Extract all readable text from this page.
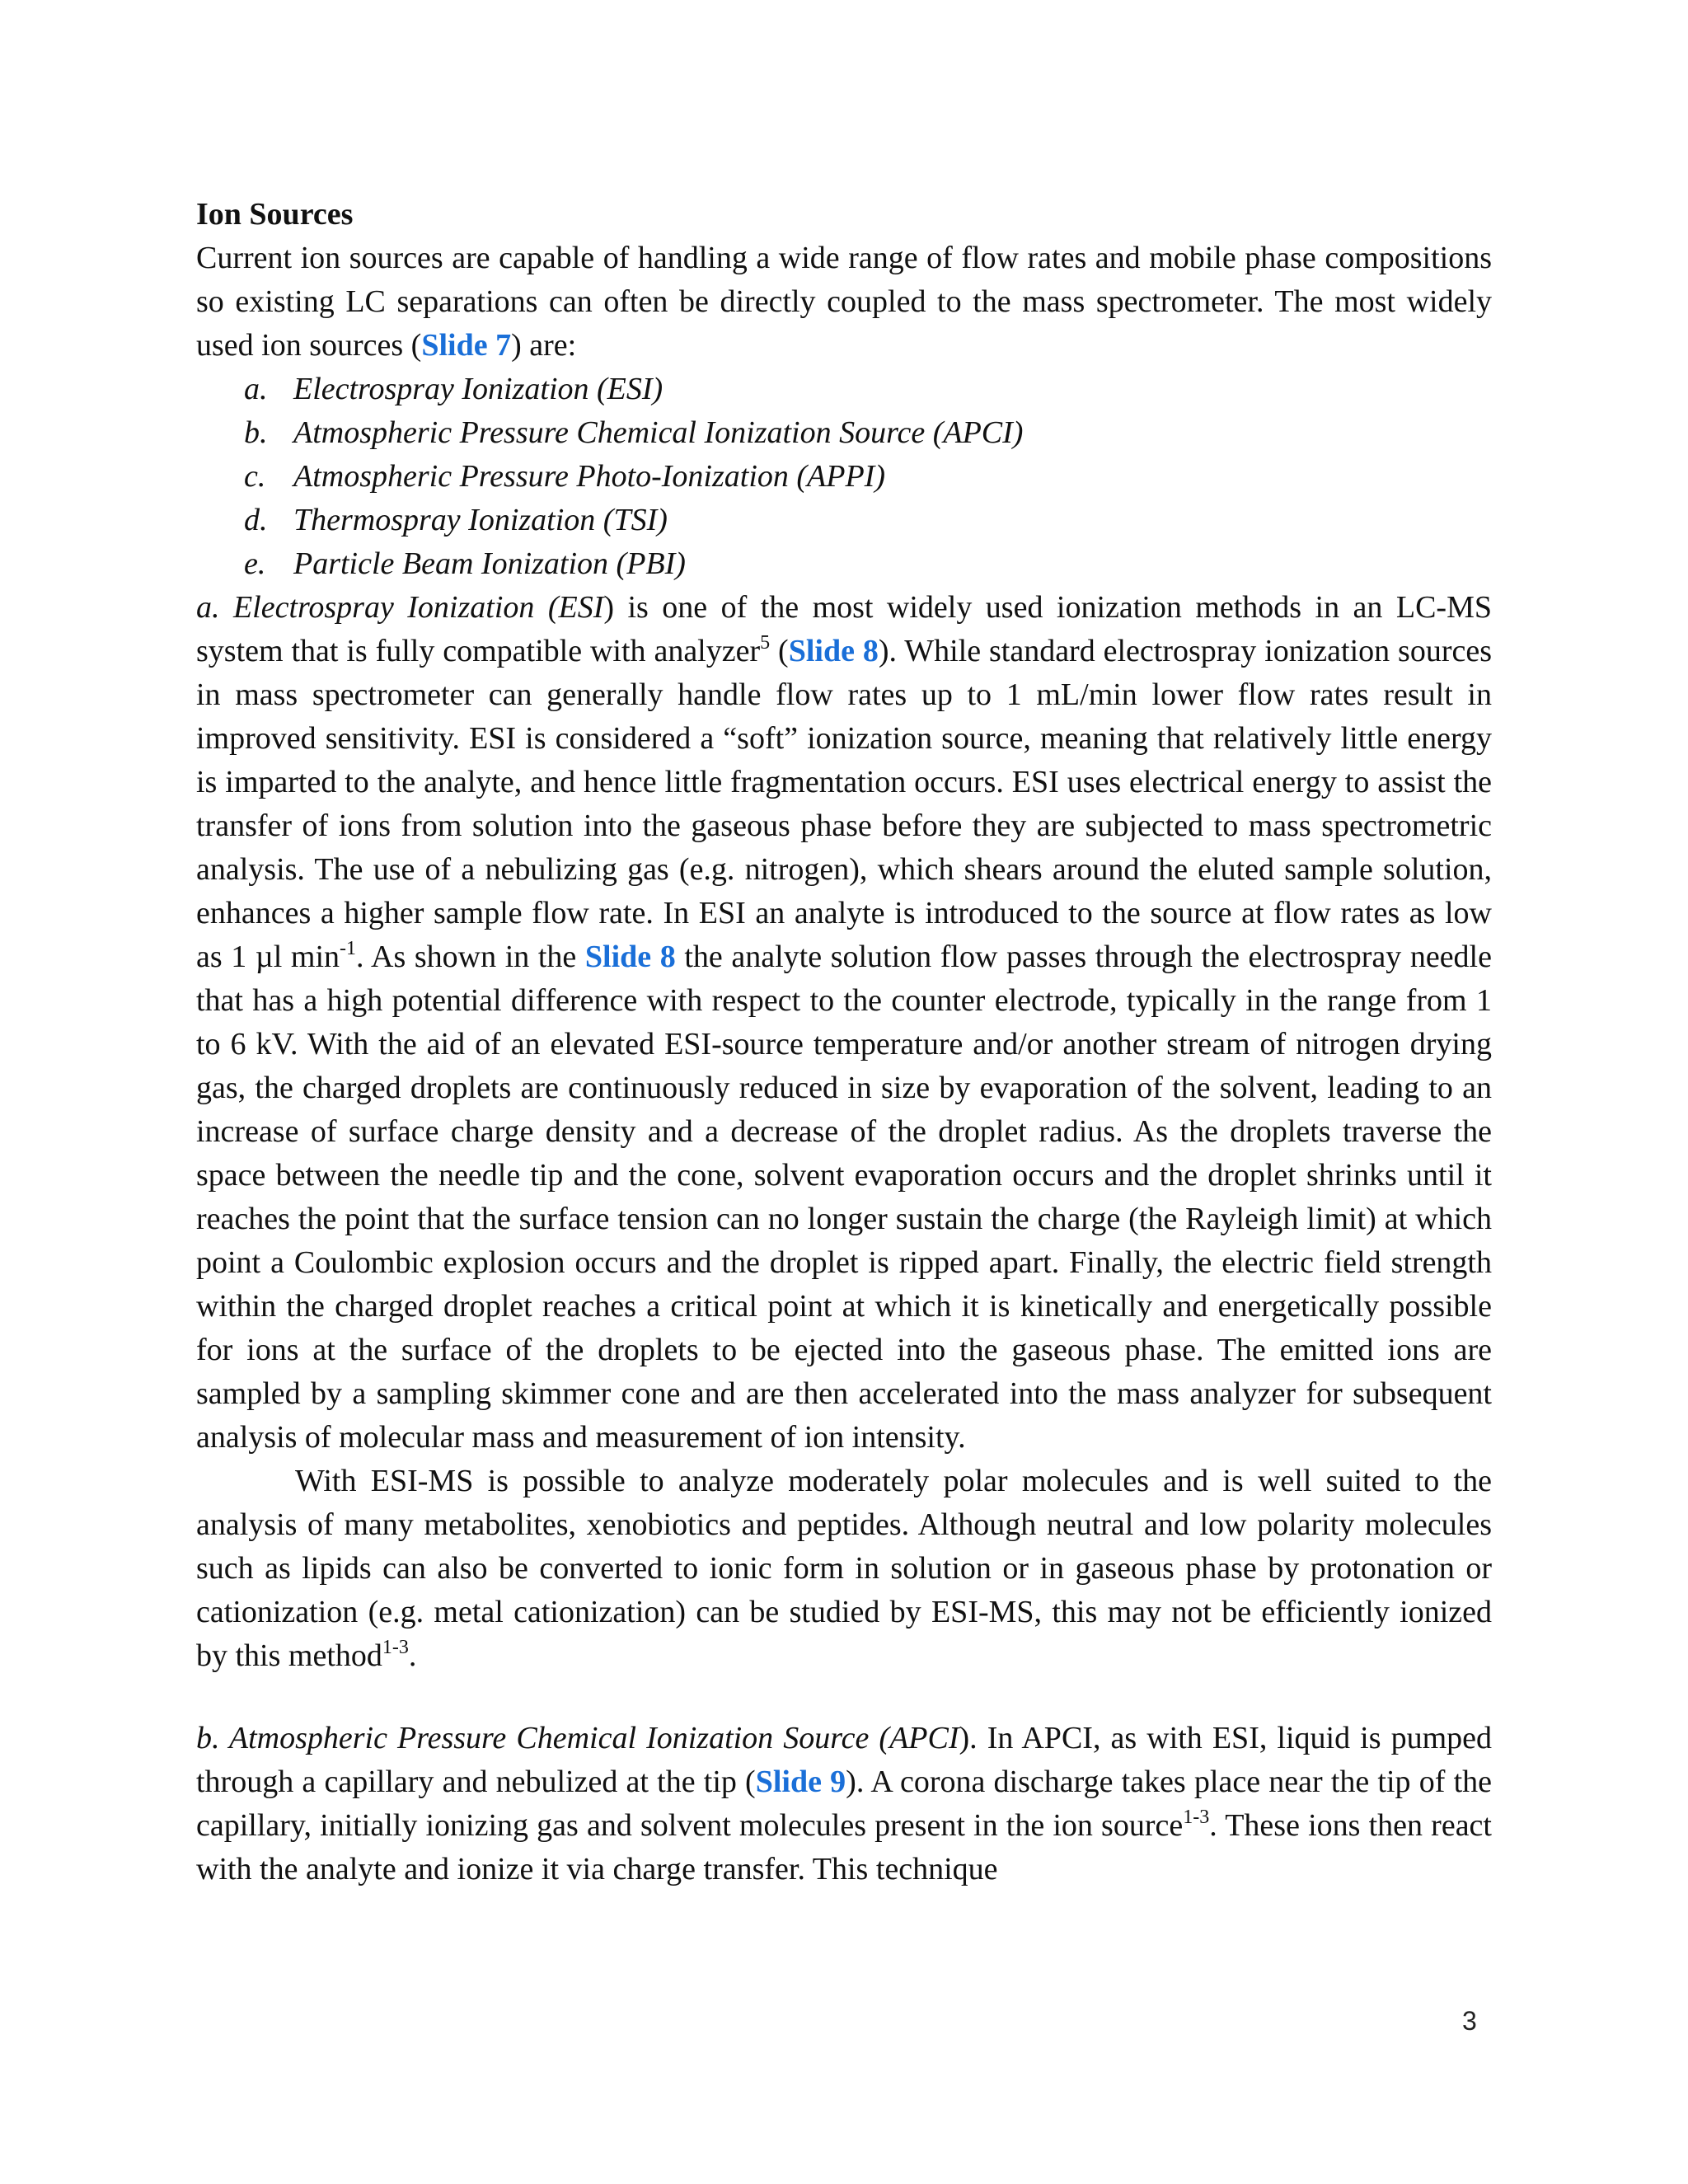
Ion Sources

Current ion sources are capable of handling a wide range of flow rates and mobile phase compositions so existing LC separations can often be directly coupled to the mass spectrometer. The most widely used ion sources (Slide 7) are:

a. Electrospray Ionization (ESI)
b. Atmospheric Pressure Chemical Ionization Source (APCI)
c. Atmospheric Pressure Photo-Ionization (APPI)
d. Thermospray Ionization (TSI)
e. Particle Beam Ionization (PBI)

a. Electrospray Ionization (ESI) is one of the most widely used ionization methods in an LC-MS system that is fully compatible with analyzer$^5$ (Slide 8). While standard electrospray ionization sources in mass spectrometer can generally handle flow rates up to 1 mL/min lower flow rates result in improved sensitivity. ESI is considered a “soft” ionization source, meaning that relatively little energy is imparted to the analyte, and hence little fragmentation occurs. ESI uses electrical energy to assist the transfer of ions from solution into the gaseous phase before they are subjected to mass spectrometric analysis. The use of a nebulizing gas (e.g. nitrogen), which shears around the eluted sample solution, enhances a higher sample flow rate. In ESI an analyte is introduced to the source at flow rates as low as 1 µl $\min^{-1}$. As shown in the Slide 8 the analyte solution flow passes through the electrospray needle that has a high potential difference with respect to the counter electrode, typically in the range from 1 to 6 kV. With the aid of an elevated ESI-source temperature and/or another stream of nitrogen drying gas, the charged droplets are continuously reduced in size by evaporation of the solvent, leading to an increase of surface charge density and a decrease of the droplet radius. As the droplets traverse the space between the needle tip and the cone, solvent evaporation occurs and the droplet shrinks until it reaches the point that the surface tension can no longer sustain the charge (the Rayleigh limit) at which point a Coulombic explosion occurs and the droplet is ripped apart. Finally, the electric field strength within the charged droplet reaches a critical point at which it is kinetically and energetically possible for ions at the surface of the droplets to be ejected into the gaseous phase. The emitted ions are sampled by a sampling skimmer cone and are then accelerated into the mass analyzer for subsequent analysis of molecular mass and measurement of ion intensity.

With ESI-MS is possible to analyze moderately polar molecules and is well suited to the analysis of many metabolites, xenobiotics and peptides. Although neutral and low polarity molecules such as lipids can also be converted to ionic form in solution or in gaseous phase by protonation or cationization (e.g. metal cationization) can be studied by ESI-MS, this may not be efficiently ionized by this method$^{1-3}$.

b. Atmospheric Pressure Chemical Ionization Source (APCI). In APCI, as with ESI, liquid is pumped through a capillary and nebulized at the tip (Slide 9). A corona discharge takes place near the tip of the capillary, initially ionizing gas and solvent molecules present in the ion source$^{1-3}$. These ions then react with the analyte and ionize it via charge transfer. This technique

3
